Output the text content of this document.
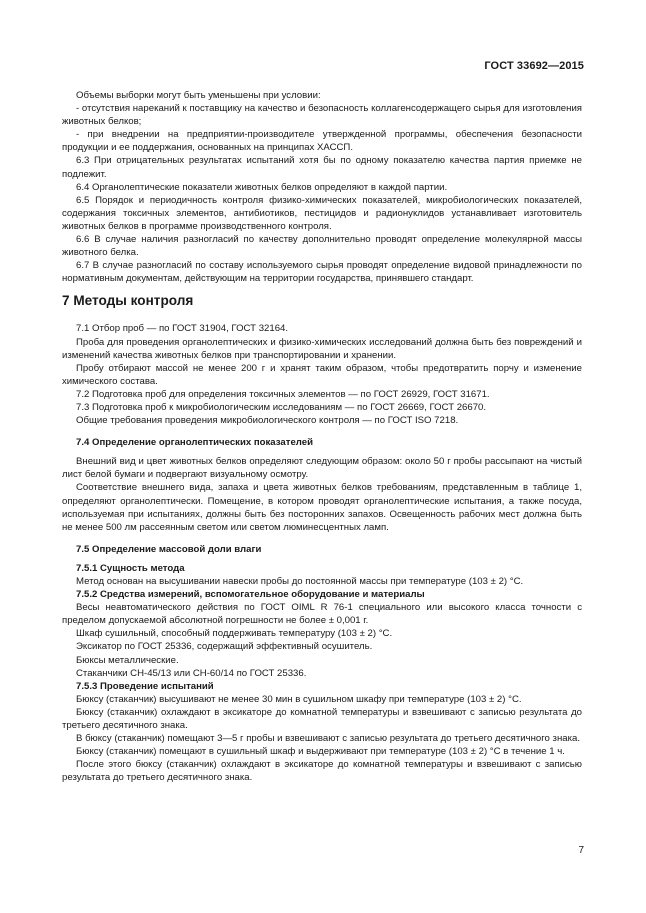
ГОСТ 33692—2015

Объемы выборки могут быть уменьшены при условии:

- отсутствия нареканий к поставщику на качество и безопасность коллагенсодержащего сырья для изготовления животных белков;

- при внедрении на предприятии-производителе утвержденной программы, обеспечения безопасности продукции и ее поддержания, основанных на принципах ХАССП.

6.3 При отрицательных результатах испытаний хотя бы по одному показателю качества партия приемке не подлежит.

6.4 Органолептические показатели животных белков определяют в каждой партии.

6.5 Порядок и периодичность контроля физико-химических показателей, микробиологических показателей, содержания токсичных элементов, антибиотиков, пестицидов и радионуклидов устанавливает изготовитель животных белков в программе производственного контроля.

6.6 В случае наличия разногласий по качеству дополнительно проводят определение молекулярной массы животного белка.

6.7 В случае разногласий по составу используемого сырья проводят определение видовой принадлежности по нормативным документам, действующим на территории государства, принявшего стандарт.

7 Методы контроля

7.1 Отбор проб — по ГОСТ 31904, ГОСТ 32164.

Проба для проведения органолептических и физико-химических исследований должна быть без повреждений и изменений качества животных белков при транспортировании и хранении.

Пробу отбирают массой не менее 200 г и хранят таким образом, чтобы предотвратить порчу и изменение химического состава.

7.2 Подготовка проб для определения токсичных элементов — по ГОСТ 26929, ГОСТ 31671.

7.3 Подготовка проб к микробиологическим исследованиям — по ГОСТ 26669, ГОСТ 26670.

Общие требования проведения микробиологического контроля — по ГОСТ ISO 7218.

7.4 Определение органолептических показателей

Внешний вид и цвет животных белков определяют следующим образом: около 50 г пробы рассыпают на чистый лист белой бумаги и подвергают визуальному осмотру.

Соответствие внешнего вида, запаха и цвета животных белков требованиям, представленным в таблице 1, определяют органолептически. Помещение, в котором проводят органолептические испытания, а также посуда, используемая при испытаниях, должны быть без посторонних запахов. Освещенность рабочих мест должна быть не менее 500 лм рассеянным светом или светом люминесцентных ламп.

7.5 Определение массовой доли влаги
7.5.1 Сущность метода

Метод основан на высушивании навески пробы до постоянной массы при температуре (103 ± 2) °С.

7.5.2 Средства измерений, вспомогательное оборудование и материалы

Весы неавтоматического действия по ГОСТ OIML R 76-1 специального или высокого класса точности с пределом допускаемой абсолютной погрешности не более ± 0,001 г.

Шкаф сушильный, способный поддерживать температуру (103 ± 2) °С.

Эксикатор по ГОСТ 25336, содержащий эффективный осушитель.

Бюксы металлические.

Стаканчики СН-45/13 или СН-60/14 по ГОСТ 25336.

7.5.3 Проведение испытаний

Бюксу (стаканчик) высушивают не менее 30 мин в сушильном шкафу при температуре (103 ± 2) °С.

Бюксу (стаканчик) охлаждают в эксикаторе до комнатной температуры и взвешивают с записью результата до третьего десятичного знака.

В бюксу (стаканчик) помещают 3—5 г пробы и взвешивают с записью результата до третьего десятичного знака.

Бюксу (стаканчик) помещают в сушильный шкаф и выдерживают при температуре (103 ± 2) °С в течение 1 ч.

После этого бюксу (стаканчик) охлаждают в эксикаторе до комнатной температуры и взвешивают с записью результата до третьего десятичного знака.

7
